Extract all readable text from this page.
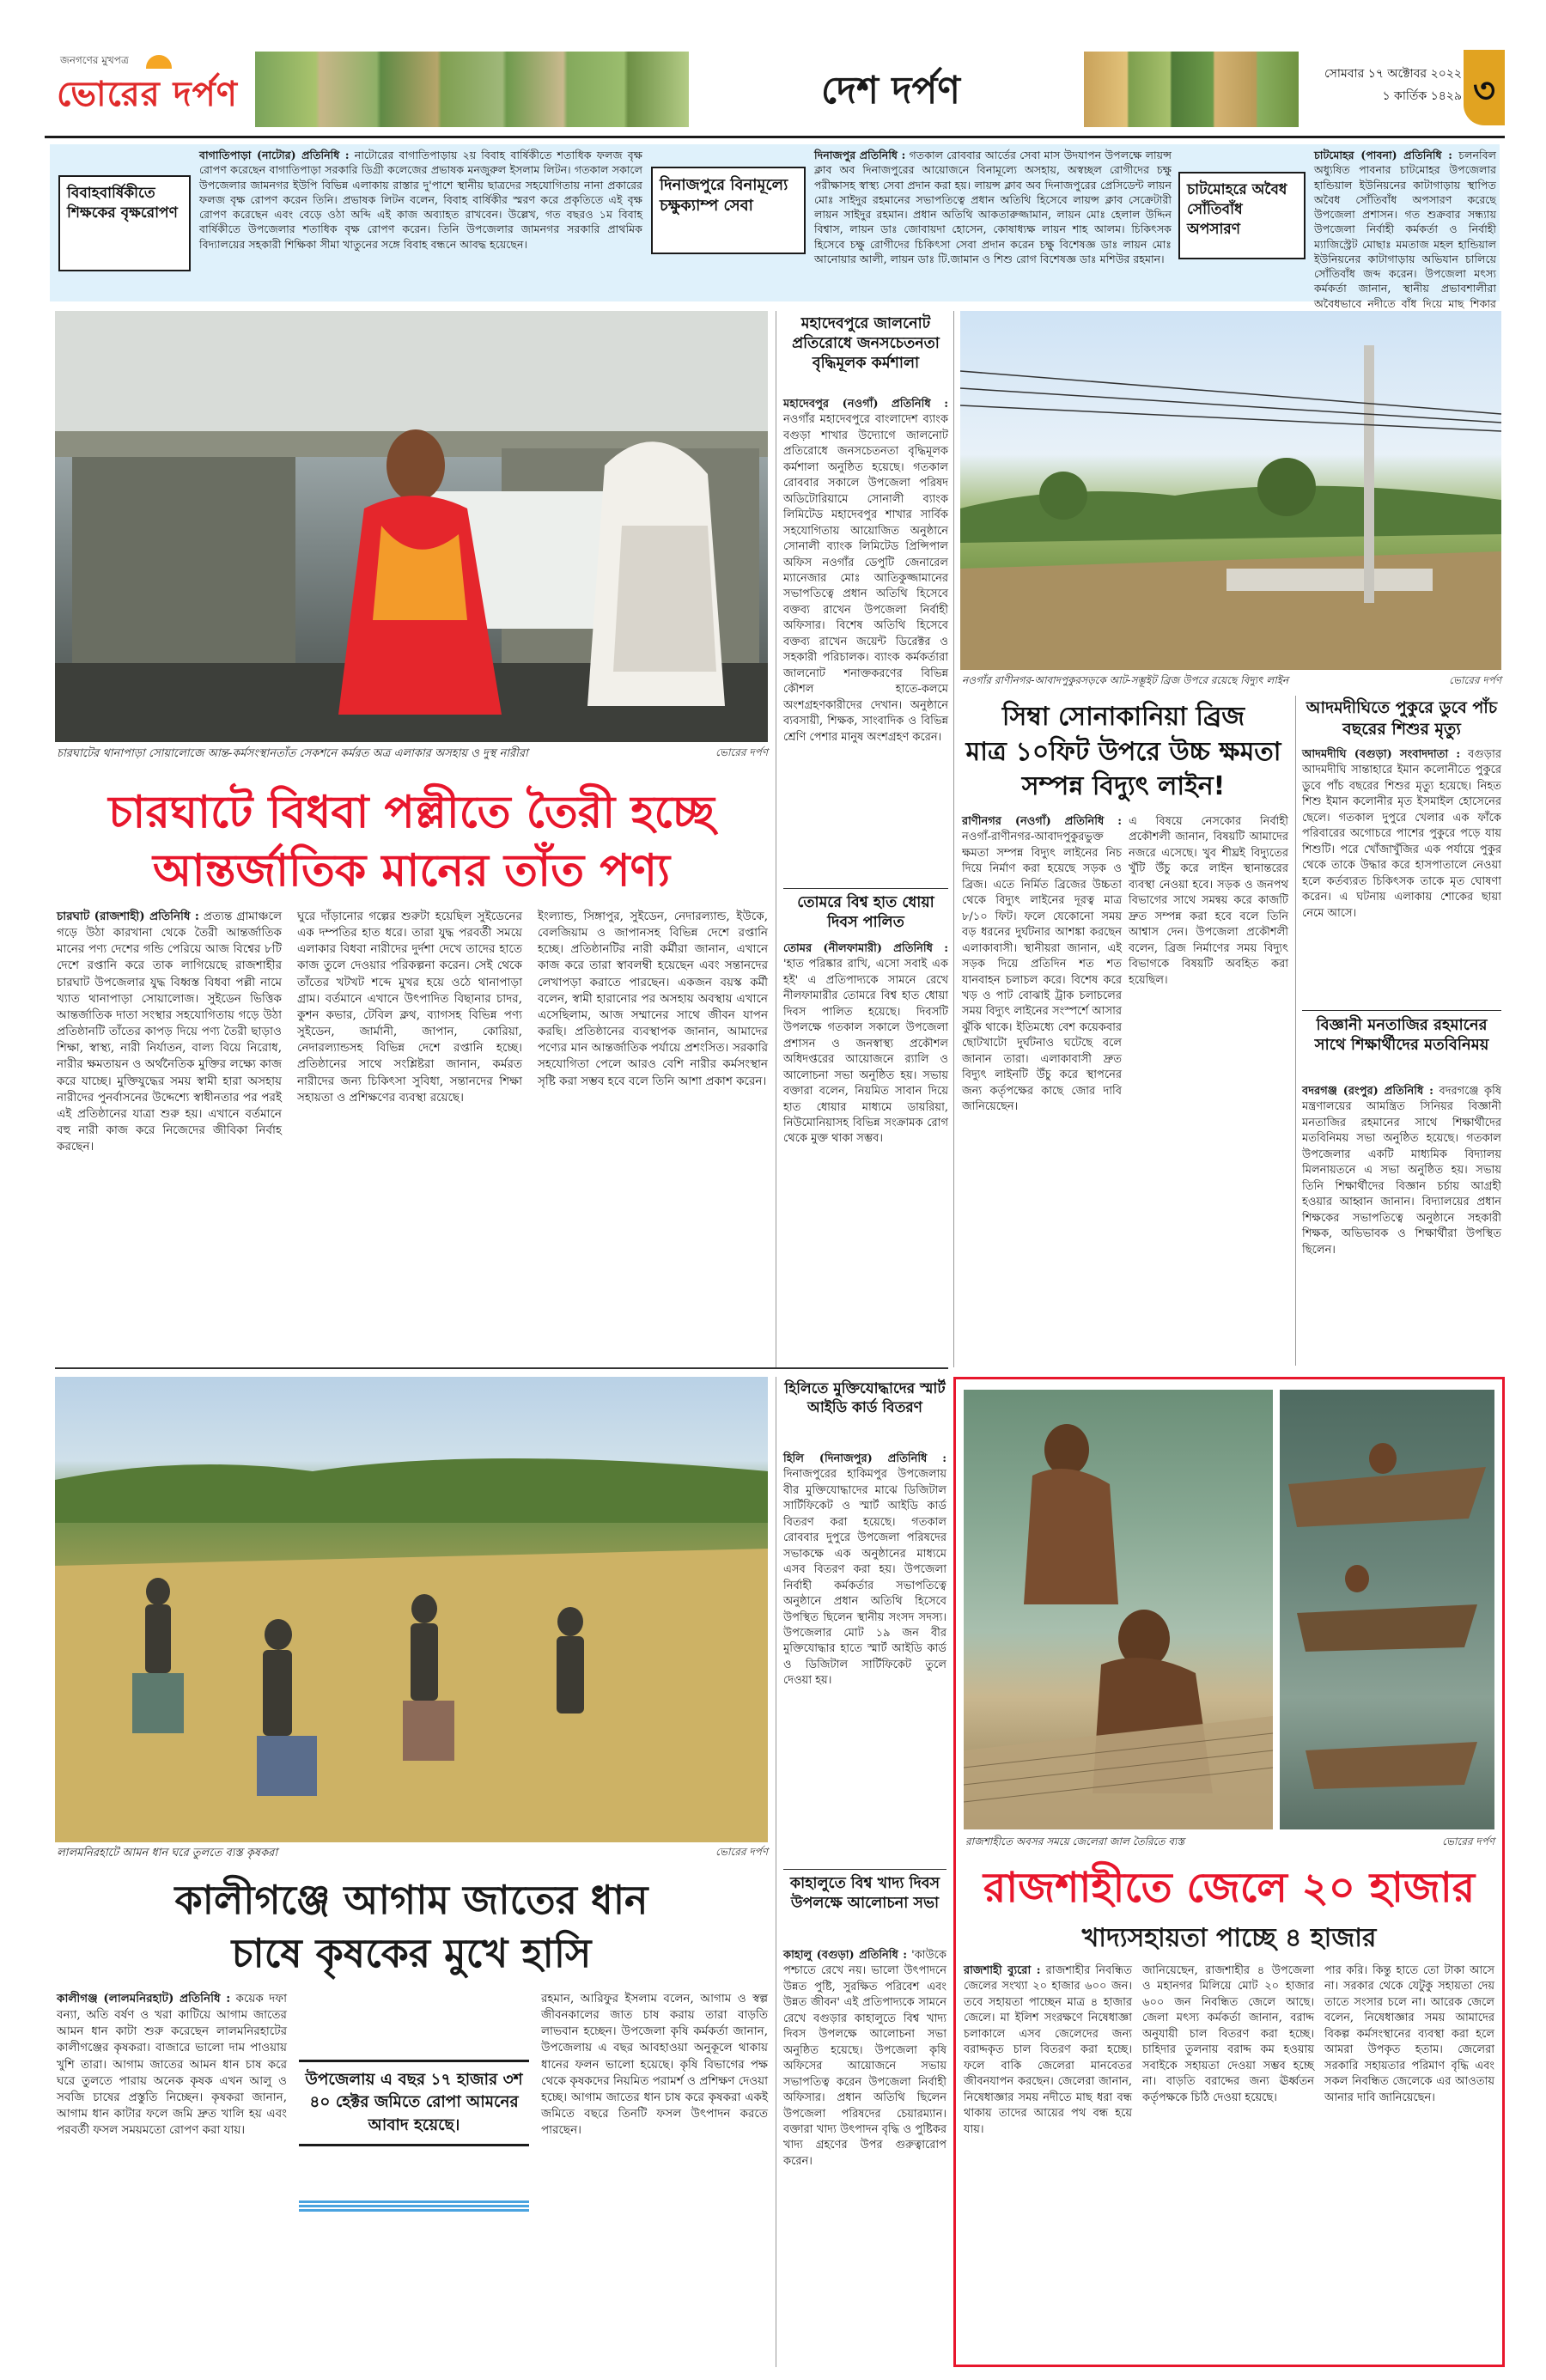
জনগণের মুখপত্র
ভোরের দর্পণ	দেশ দর্পণ	সোমবার ১৭ অক্টোবর ২০২২
১ কার্তিক ১৪২৯ ৩
বিবাহবার্ষিকীতে শিক্ষকের বৃক্ষরোপণ
বাগাতিপাড়া (নাটোর) প্রতিনিধি : নাটোরের বাগাতিপাড়ায় ২য় বিবাহ বার্ষিকীতে শতাধিক ফলজ বৃক্ষ রোপণ করেছেন বাগাতিপাড়া সরকারি ডিগ্রী কলেজের প্রভাষক মনজুরুল ইসলাম লিটন। গতকাল সকালে উপজেলার জামনগর ইউপি বিভিন্ন এলাকায় রাস্তার দু'পাশে স্থানীয় ছাত্রদের সহযোগিতায় নানা প্রকারের ফলজ বৃক্ষ রোপণ করেন তিনি। প্রভাষক লিটন বলেন, বিবাহ বার্ষিকীর স্মরণ করে প্রকৃতিতে এই বৃক্ষ রোপণ করেছেন এবং বেড়ে ওঠা অব্দি এই কাজ অব্যাহত রাখবেন। উল্লেখ, গত বছরও ১ম বিবাহ বার্ষিকীতে উপজেলার শতাধিক বৃক্ষ রোপণ করেন। তিনি উপজেলার জামনগর সরকারি প্রাথমিক বিদ্যালয়ের সহকারী শিক্ষিকা সীমা খাতুনের সঙ্গে বিবাহ বন্ধনে আবদ্ধ হয়েছেন।
দিনাজপুরে বিনামূল্যে চক্ষুক্যাম্প সেবা
দিনাজপুর প্রতিনিধি : গতকাল রোববার আর্তের সেবা মাস উদযাপন উপলক্ষে লায়ন্স ক্লাব অব দিনাজপুরের আয়োজনে বিনামূল্যে অসহায়, অস্বচ্ছল রোগীদের চক্ষু পরীক্ষাসহ স্বাস্থ্য সেবা প্রদান করা হয়। লায়ন্স ক্লাব অব দিনাজপুরের প্রেসিডেন্ট লায়ন মোঃ সাইদুর রহমানের সভাপতিত্বে প্রধান অতিথি হিসেবে লায়ন্স ক্লাব সেক্রেটারী লায়ন সাইদুর রহমান। প্রধান অতিথি আকতারুজ্জামান, লায়ন মোঃ হেলাল উদ্দিন বিশ্বাস, লায়ন ডাঃ জোবায়দা হোসেন, কোষাধ্যক্ষ লায়ন শাহ আলম। চিকিৎসক হিসেবে চক্ষু রোগীদের চিকিৎসা সেবা প্রদান করেন চক্ষু বিশেষজ্ঞ ডাঃ লায়ন মোঃ আনোয়ার আলী, লায়ন ডাঃ টি.জামান ও শিশু রোগ বিশেষজ্ঞ ডাঃ মশিউর রহমান।
চাটমোহরে অবৈধ সোঁতিবাঁধ অপসারণ
চাটমোহর (পাবনা) প্রতিনিধি : চলনবিল অধ্যুষিত পাবনার চাটমোহর উপজেলার হান্ডিয়াল ইউনিয়নের কাটাগাড়ায় স্থাপিত অবৈধ সোঁতিবাঁধ অপসারণ করেছে উপজেলা প্রশাসন। গত শুক্রবার সন্ধ্যায় উপজেলা নির্বাহী কর্মকর্তা ও নির্বাহী ম্যাজিস্ট্রেট মোছাঃ মমতাজ মহল হান্ডিয়াল ইউনিয়নের কাটাগাড়ায় অভিযান চালিয়ে সোঁতিবাঁধ জব্দ করেন। উপজেলা মৎস্য কর্মকর্তা জানান, স্থানীয় প্রভাবশালীরা অবৈধভাবে নদীতে বাঁধ দিয়ে মাছ শিকার
চারঘাটের থানাপাড়া সোয়ালোজে আন্ত-কর্মসংস্থানতাঁত সেকশনে কর্মরত অত্র এলাকার অসহায় ও দুস্থ নারীরা	ভোরের দর্পণ
চারঘাটে বিধবা পল্লীতে তৈরী হচ্ছে
আন্তর্জাতিক মানের তাঁত পণ্য
চারঘাট (রাজশাহী) প্রতিনিধি : প্রত্যন্ত গ্রামাঞ্চলে গড়ে উঠা কারখানা থেকে তৈরী আন্তর্জাতিক মানের পণ্য দেশের গন্ডি পেরিয়ে আজ বিশ্বের ৮টি দেশে রপ্তানি করে তাক লাগিয়েছে রাজশাহীর চারঘাট উপজেলার যুদ্ধ বিধ্বস্ত বিধবা পল্লী নামে খ্যাত থানাপাড়া সোয়ালোজ। সুইডেন ভিত্তিক আন্তর্জাতিক দাতা সংস্থার সহযোগিতায় গড়ে উঠা প্রতিষ্ঠানটি তাঁতের কাপড় দিয়ে পণ্য তৈরী ছাড়াও শিক্ষা, স্বাস্থ্য, নারী নির্যাতন, বাল্য বিয়ে নিরোধ, নারীর ক্ষমতায়ন ও অর্থনৈতিক মুক্তির লক্ষ্যে কাজ করে যাচ্ছে। মুক্তিযুদ্ধের সময় স্বামী হারা অসহায় নারীদের পুনর্বাসনের উদ্দেশ্যে স্বাধীনতার পর পরই এই প্রতিষ্ঠানের যাত্রা শুরু হয়। এখানে বর্তমানে বহু নারী কাজ করে নিজেদের জীবিকা নির্বাহ করছেন।
ঘুরে দাঁড়ানোর গল্পের শুরুটা হয়েছিল সুইডেনের এক দম্পতির হাত ধরে। তারা যুদ্ধ পরবর্তী সময়ে এলাকার বিধবা নারীদের দুর্দশা দেখে তাদের হাতে কাজ তুলে দেওয়ার পরিকল্পনা করেন। সেই থেকে তাঁতের খটখট শব্দে মুখর হয়ে ওঠে থানাপাড়া গ্রাম। বর্তমানে এখানে উৎপাদিত বিছানার চাদর, কুশন কভার, টেবিল ক্লথ, ব্যাগসহ বিভিন্ন পণ্য সুইডেন, জার্মানী, জাপান, কোরিয়া, নেদারল্যান্ডসহ বিভিন্ন দেশে রপ্তানি হচ্ছে। প্রতিষ্ঠানের সাথে সংশ্লিষ্টরা জানান, কর্মরত নারীদের জন্য চিকিৎসা সুবিধা, সন্তানদের শিক্ষা সহায়তা ও প্রশিক্ষণের ব্যবস্থা রয়েছে।
ইংল্যান্ড, সিঙ্গাপুর, সুইডেন, নেদারল্যান্ড, ইউকে, বেলজিয়াম ও জাপানসহ বিভিন্ন দেশে রপ্তানি হচ্ছে। প্রতিষ্ঠানটির নারী কর্মীরা জানান, এখানে কাজ করে তারা স্বাবলম্বী হয়েছেন এবং সন্তানদের লেখাপড়া করাতে পারছেন। একজন বয়স্ক কর্মী বলেন, স্বামী হারানোর পর অসহায় অবস্থায় এখানে এসেছিলাম, আজ সম্মানের সাথে জীবন যাপন করছি। প্রতিষ্ঠানের ব্যবস্থাপক জানান, আমাদের পণ্যের মান আন্তর্জাতিক পর্যায়ে প্রশংসিত। সরকারি সহযোগিতা পেলে আরও বেশি নারীর কর্মসংস্থান সৃষ্টি করা সম্ভব হবে বলে তিনি আশা প্রকাশ করেন।
মহাদেবপুরে জালনোট প্রতিরোধে জনসচেতনতা বৃদ্ধিমূলক কর্মশালা
মহাদেবপুর (নওগাঁ) প্রতিনিধি : নওগাঁর মহাদেবপুরে বাংলাদেশ ব্যাংক বগুড়া শাখার উদ্যোগে জালনোট প্রতিরোধে জনসচেতনতা বৃদ্ধিমূলক কর্মশালা অনুষ্ঠিত হয়েছে। গতকাল রোববার সকালে উপজেলা পরিষদ অডিটোরিয়ামে সোনালী ব্যাংক লিমিটেড মহাদেবপুর শাখার সার্বিক সহযোগিতায় আয়োজিত অনুষ্ঠানে সোনালী ব্যাংক লিমিটেড প্রিন্সিপাল অফিস নওগাঁর ডেপুটি জেনারেল ম্যানেজার মোঃ আতিকুজ্জামানের সভাপতিত্বে প্রধান অতিথি হিসেবে বক্তব্য রাখেন উপজেলা নির্বাহী অফিসার। বিশেষ অতিথি হিসেবে বক্তব্য রাখেন জয়েন্ট ডিরেক্টর ও সহকারী পরিচালক। ব্যাংক কর্মকর্তারা জালনোট শনাক্তকরণের বিভিন্ন কৌশল হাতে-কলমে অংশগ্রহণকারীদের দেখান। অনুষ্ঠানে ব্যবসায়ী, শিক্ষক, সাংবাদিক ও বিভিন্ন শ্রেণি পেশার মানুষ অংশগ্রহণ করেন।
তোমরে বিশ্ব হাত ধোয়া দিবস পালিত
তোমর (নীলফামারী) প্রতিনিধি : 'হাত পরিষ্কার রাখি, এসো সবাই এক হই' এ প্রতিপাদ্যকে সামনে রেখে নীলফামারীর তোমরে বিশ্ব হাত ধোয়া দিবস পালিত হয়েছে। দিবসটি উপলক্ষে গতকাল সকালে উপজেলা প্রশাসন ও জনস্বাস্থ্য প্রকৌশল অধিদপ্তরের আয়োজনে র‍্যালি ও আলোচনা সভা অনুষ্ঠিত হয়। সভায় বক্তারা বলেন, নিয়মিত সাবান দিয়ে হাত ধোয়ার মাধ্যমে ডায়রিয়া, নিউমোনিয়াসহ বিভিন্ন সংক্রামক রোগ থেকে মুক্ত থাকা সম্ভব।
নওগাঁর রাণীনগর-আবাদপুকুরসড়কে আট-সম্ভূইট ব্রিজ উপরে রয়েছে বিদ্যুৎ লাইন	ভোরের দর্পণ
সিম্বা সোনাকানিয়া ব্রিজ
মাত্র ১০ফিট উপরে উচ্চ ক্ষমতা সম্পন্ন বিদ্যুৎ লাইন!
রাণীনগর (নওগাঁ) প্রতিনিধি : নওগাঁ-রাণীনগর-আবাদপুকুরভুক্ত ক্ষমতা সম্পন্ন বিদ্যুৎ লাইনের নিচ দিয়ে নির্মাণ করা হয়েছে সড়ক ও ব্রিজ। এতে নির্মিত ব্রিজের উচ্চতা থেকে বিদ্যুৎ লাইনের দূরত্ব মাত্র ৮/১০ ফিট। ফলে যেকোনো সময় বড় ধরনের দুর্ঘটনার আশঙ্কা করছেন এলাকাবাসী। স্থানীয়রা জানান, এই সড়ক দিয়ে প্রতিদিন শত শত যানবাহন চলাচল করে। বিশেষ করে খড় ও পাট বোঝাই ট্রাক চলাচলের সময় বিদ্যুৎ লাইনের সংস্পর্শে আসার ঝুঁকি থাকে। ইতিমধ্যে বেশ কয়েকবার ছোটখাটো দুর্ঘটনাও ঘটেছে বলে জানান তারা। এলাকাবাসী দ্রুত বিদ্যুৎ লাইনটি উঁচু করে স্থাপনের জন্য কর্তৃপক্ষের কাছে জোর দাবি জানিয়েছেন।
এ বিষয়ে নেসকোর নির্বাহী প্রকৌশলী জানান, বিষয়টি আমাদের নজরে এসেছে। খুব শীঘ্রই বিদ্যুতের খুঁটি উঁচু করে লাইন স্থানান্তরের ব্যবস্থা নেওয়া হবে। সড়ক ও জনপথ বিভাগের সাথে সমন্বয় করে কাজটি দ্রুত সম্পন্ন করা হবে বলে তিনি আশ্বাস দেন। উপজেলা প্রকৌশলী বলেন, ব্রিজ নির্মাণের সময় বিদ্যুৎ বিভাগকে বিষয়টি অবহিত করা হয়েছিল।
আদমদীঘিতে পুকুরে ডুবে পাঁচ বছরের শিশুর মৃত্যু
আদমদীঘি (বগুড়া) সংবাদদাতা : বগুড়ার আদমদীঘি সান্তাহারে ইমান কলোনীতে পুকুরে ডুবে পাঁচ বছরের শিশুর মৃত্যু হয়েছে। নিহত শিশু ইমান কলোনীর মৃত ইসমাইল হোসেনের ছেলে। গতকাল দুপুরে খেলার এক ফাঁকে পরিবারের অগোচরে পাশের পুকুরে পড়ে যায় শিশুটি। পরে খোঁজাখুঁজির এক পর্যায়ে পুকুর থেকে তাকে উদ্ধার করে হাসপাতালে নেওয়া হলে কর্তব্যরত চিকিৎসক তাকে মৃত ঘোষণা করেন। এ ঘটনায় এলাকায় শোকের ছায়া নেমে আসে।
বিজ্ঞানী মনতাজির রহমানের সাথে শিক্ষার্থীদের মতবিনিময়
বদরগঞ্জ (রংপুর) প্রতিনিধি : বদরগঞ্জে কৃষি মন্ত্রণালয়ের আমন্ত্রিত সিনিয়র বিজ্ঞানী মনতাজির রহমানের সাথে শিক্ষার্থীদের মতবিনিময় সভা অনুষ্ঠিত হয়েছে। গতকাল উপজেলার একটি মাধ্যমিক বিদ্যালয় মিলনায়তনে এ সভা অনুষ্ঠিত হয়। সভায় তিনি শিক্ষার্থীদের বিজ্ঞান চর্চায় আগ্রহী হওয়ার আহ্বান জানান। বিদ্যালয়ের প্রধান শিক্ষকের সভাপতিত্বে অনুষ্ঠানে সহকারী শিক্ষক, অভিভাবক ও শিক্ষার্থীরা উপস্থিত ছিলেন।
লালমনিরহাটে আমন ধান ঘরে তুলতে ব্যস্ত কৃষকরা	ভোরের দর্পণ
কালীগঞ্জে আগাম জাতের ধান
চাষে কৃষকের মুখে হাসি
কালীগঞ্জ (লালমনিরহাট) প্রতিনিধি : কয়েক দফা বন্যা, অতি বর্ষণ ও খরা কাটিয়ে আগাম জাতের আমন ধান কাটা শুরু করেছেন লালমনিরহাটের কালীগঞ্জের কৃষকরা। বাজারে ভালো দাম পাওয়ায় খুশি তারা। আগাম জাতের আমন ধান চাষ করে ঘরে তুলতে পারায় অনেক কৃষক এখন আলু ও সবজি চাষের প্রস্তুতি নিচ্ছেন। কৃষকরা জানান, আগাম ধান কাটার ফলে জমি দ্রুত খালি হয় এবং পরবর্তী ফসল সময়মতো রোপণ করা যায়।
উপজেলায় এ বছর ১৭ হাজার ৩শ ৪০ হেক্টর জমিতে রোপা আমনের আবাদ হয়েছে।
রহমান, আরিফুর ইসলাম বলেন, আগাম ও স্বল্প জীবনকালের জাত চাষ করায় তারা বাড়তি লাভবান হচ্ছেন। উপজেলা কৃষি কর্মকর্তা জানান, উপজেলায় এ বছর আবহাওয়া অনুকূলে থাকায় ধানের ফলন ভালো হয়েছে। কৃষি বিভাগের পক্ষ থেকে কৃষকদের নিয়মিত পরামর্শ ও প্রশিক্ষণ দেওয়া হচ্ছে। আগাম জাতের ধান চাষ করে কৃষকরা একই জমিতে বছরে তিনটি ফসল উৎপাদন করতে পারছেন।
হিলিতে মুক্তিযোদ্ধাদের স্মার্ট আইডি কার্ড বিতরণ
হিলি (দিনাজপুর) প্রতিনিধি : দিনাজপুরের হাকিমপুর উপজেলায় বীর মুক্তিযোদ্ধাদের মাঝে ডিজিটাল সার্টিফিকেট ও স্মার্ট আইডি কার্ড বিতরণ করা হয়েছে। গতকাল রোববার দুপুরে উপজেলা পরিষদের সভাকক্ষে এক অনুষ্ঠানের মাধ্যমে এসব বিতরণ করা হয়। উপজেলা নির্বাহী কর্মকর্তার সভাপতিত্বে অনুষ্ঠানে প্রধান অতিথি হিসেবে উপস্থিত ছিলেন স্থানীয় সংসদ সদস্য। উপজেলার মোট ১৯ জন বীর মুক্তিযোদ্ধার হাতে স্মার্ট আইডি কার্ড ও ডিজিটাল সার্টিফিকেট তুলে দেওয়া হয়।
কাহালুতে বিশ্ব খাদ্য দিবস উপলক্ষে আলোচনা সভা
কাহালু (বগুড়া) প্রতিনিধি : 'কাউকে পশ্চাতে রেখে নয়। ভালো উৎপাদনে উন্নত পুষ্টি, সুরক্ষিত পরিবেশ এবং উন্নত জীবন' এই প্রতিপাদ্যকে সামনে রেখে বগুড়ার কাহালুতে বিশ্ব খাদ্য দিবস উপলক্ষে আলোচনা সভা অনুষ্ঠিত হয়েছে। উপজেলা কৃষি অফিসের আয়োজনে সভায় সভাপতিত্ব করেন উপজেলা নির্বাহী অফিসার। প্রধান অতিথি ছিলেন উপজেলা পরিষদের চেয়ারম্যান। বক্তারা খাদ্য উৎপাদন বৃদ্ধি ও পুষ্টিকর খাদ্য গ্রহণের উপর গুরুত্বারোপ করেন।
রাজশাহীতে অবসর সময়ে জেলেরা জাল তৈরিতে ব্যস্ত	ভোরের দর্পণ
রাজশাহীতে জেলে ২০ হাজার
খাদ্যসহায়তা পাচ্ছে ৪ হাজার
রাজশাহী ব্যুরো : রাজশাহীর নিবন্ধিত জেলের সংখ্যা ২০ হাজার ৬০০ জন। তবে সহায়তা পাচ্ছেন মাত্র ৪ হাজার জেলে। মা ইলিশ সংরক্ষণে নিষেধাজ্ঞা চলাকালে এসব জেলেদের জন্য বরাদ্দকৃত চাল বিতরণ করা হচ্ছে। ফলে বাকি জেলেরা মানবেতর জীবনযাপন করছেন। জেলেরা জানান, নিষেধাজ্ঞার সময় নদীতে মাছ ধরা বন্ধ থাকায় তাদের আয়ের পথ বন্ধ হয়ে যায়।
জানিয়েছেন, রাজশাহীর ৪ উপজেলা ও মহানগর মিলিয়ে মোট ২০ হাজার ৬০০ জন নিবন্ধিত জেলে আছে। জেলা মৎস্য কর্মকর্তা জানান, বরাদ্দ অনুযায়ী চাল বিতরণ করা হচ্ছে। চাহিদার তুলনায় বরাদ্দ কম হওয়ায় সবাইকে সহায়তা দেওয়া সম্ভব হচ্ছে না। বাড়তি বরাদ্দের জন্য ঊর্ধ্বতন কর্তৃপক্ষকে চিঠি দেওয়া হয়েছে।
পার করি। কিন্তু হাতে তো টাকা আসে না। সরকার থেকে যেটুকু সহায়তা দেয় তাতে সংসার চলে না। আরেক জেলে বলেন, নিষেধাজ্ঞার সময় আমাদের বিকল্প কর্মসংস্থানের ব্যবস্থা করা হলে আমরা উপকৃত হতাম। জেলেরা সরকারি সহায়তার পরিমাণ বৃদ্ধি এবং সকল নিবন্ধিত জেলেকে এর আওতায় আনার দাবি জানিয়েছেন।
